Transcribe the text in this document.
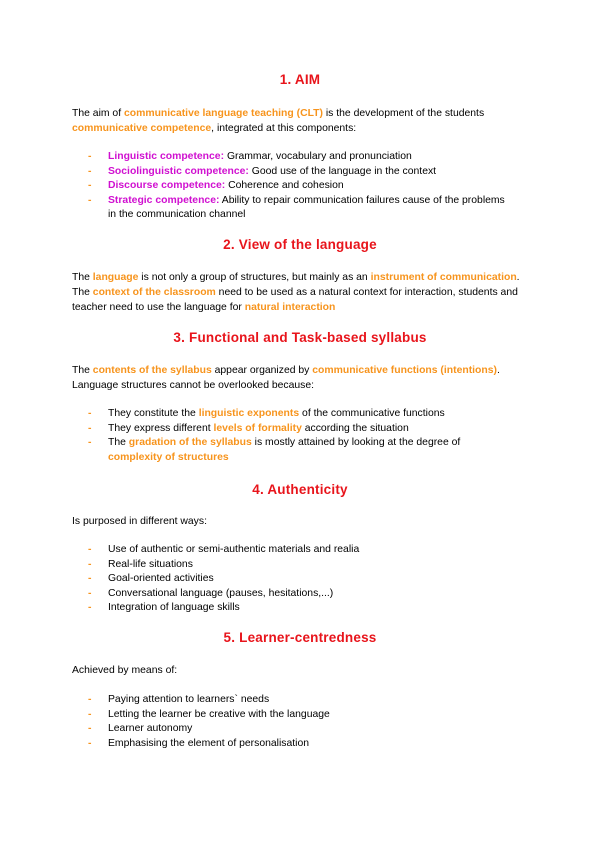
1. AIM

The aim of communicative language teaching (CLT) is the development of the students communicative competence, integrated at this components:

- Linguistic competence: Grammar, vocabulary and pronunciation
- Sociolinguistic competence: Good use of the language in the context
- Discourse competence: Coherence and cohesion
- Strategic competence: Ability to repair communication failures cause of the problems in the communication channel
2. View of the language

The language is not only a group of structures, but mainly as an instrument of communication. The context of the classroom need to be used as a natural context for interaction, students and teacher need to use the language for natural interaction

3. Functional and Task-based syllabus

The contents of the syllabus appear organized by communicative functions (intentions). Language structures cannot be overlooked because:

- They constitute the linguistic exponents of the communicative functions
- They express different levels of formality according the situation
- The gradation of the syllabus is mostly attained by looking at the degree of complexity of structures
4. Authenticity

Is purposed in different ways:

- Use of authentic or semi-authentic materials and realia
- Real-life situations
- Goal-oriented activities
- Conversational language (pauses, hesitations,...)
- Integration of language skills
5. Learner-centredness

Achieved by means of:

- Paying attention to learners` needs
- Letting the learner be creative with the language
- Learner autonomy
- Emphasising the element of personalisation
